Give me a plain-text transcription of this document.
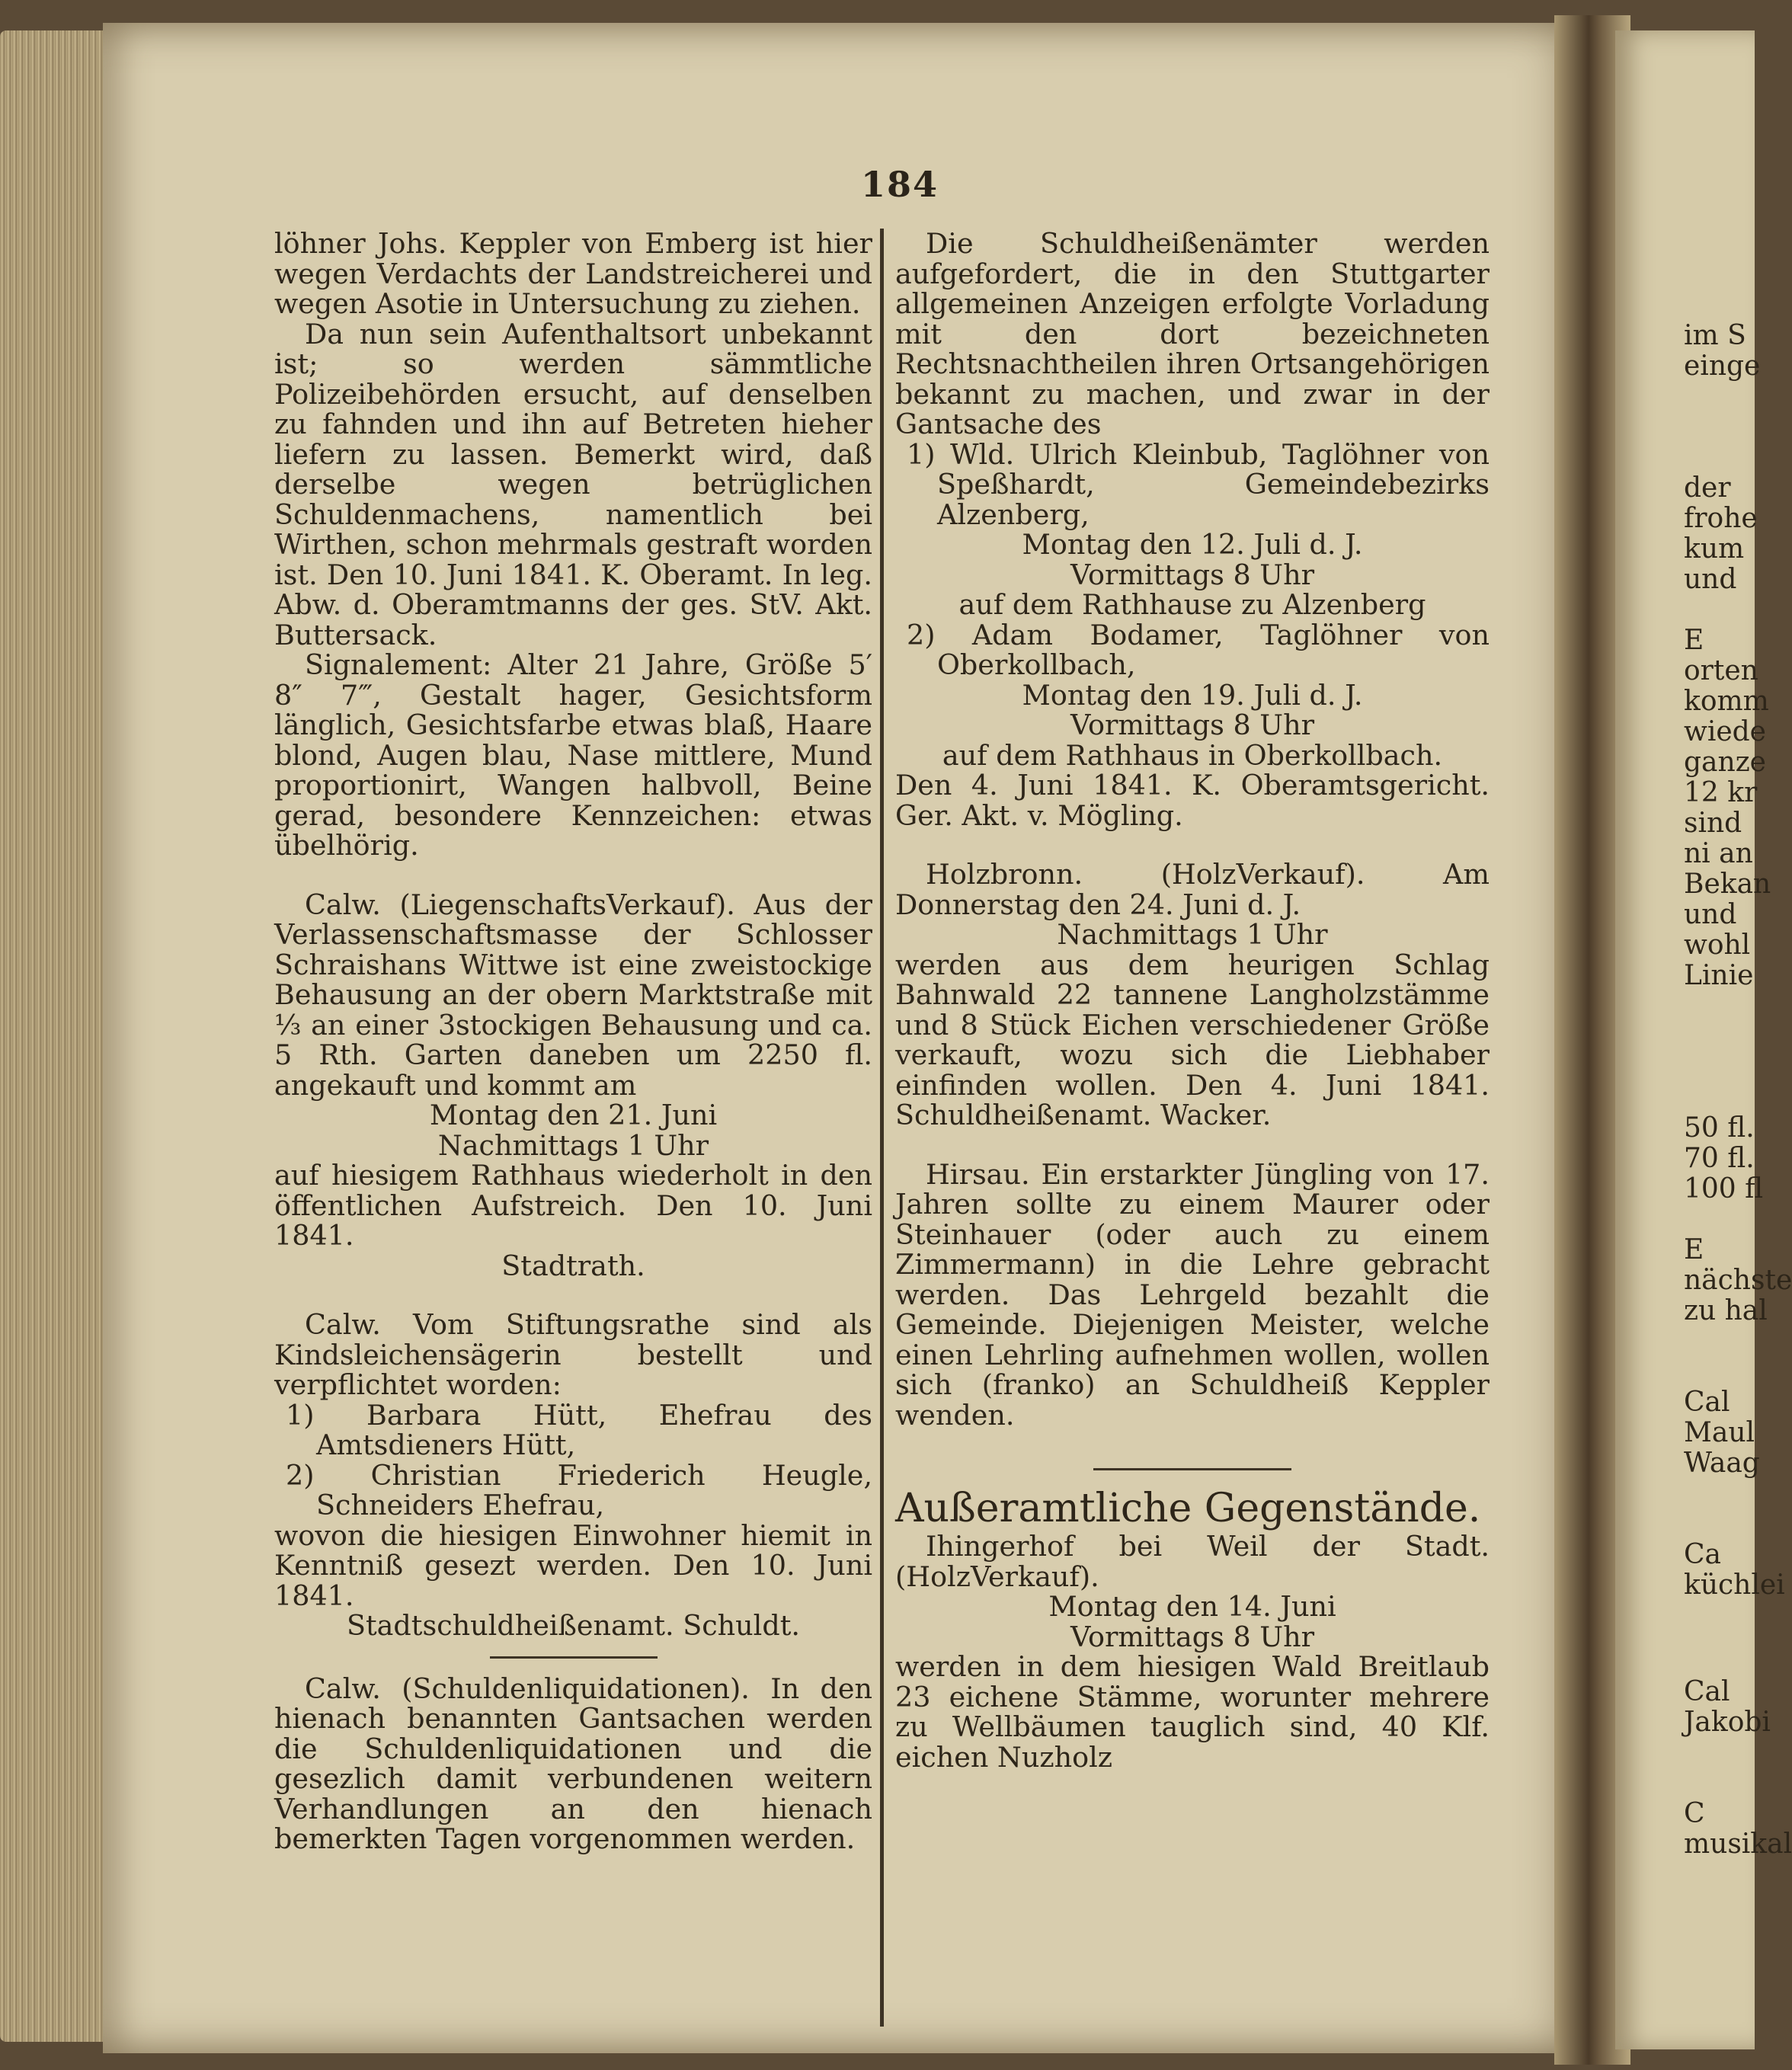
184

löhner Johs. Keppler von Emberg ist hier wegen Verdachts der Landstreicherei und wegen Asotie in Untersuchung zu ziehen.

Da nun sein Aufenthaltsort unbekannt ist; so werden sämmtliche Polizeibehörden ersucht, auf denselben zu fahnden und ihn auf Betreten hieher liefern zu lassen. Bemerkt wird, daß derselbe wegen betrüglichen Schuldenmachens, namentlich bei Wirthen, schon mehrmals gestraft worden ist. Den 10. Juni 1841. K. Oberamt. In leg. Abw. d. Oberamtmanns der ges. StV. Akt. Buttersack.

Signalement: Alter 21 Jahre, Größe 5′ 8″ 7‴, Gestalt hager, Gesichtsform länglich, Gesichtsfarbe etwas blaß, Haare blond, Augen blau, Nase mittlere, Mund proportionirt, Wangen halbvoll, Beine gerad, besondere Kennzeichen: etwas übelhörig.

Calw. (LiegenschaftsVerkauf). Aus der Verlassenschaftsmasse der Schlosser Schraishans Wittwe ist eine zweistockige Behausung an der obern Marktstraße mit ⅓ an einer 3stockigen Behausung und ca. 5 Rth. Garten daneben um 2250 fl. angekauft und kommt am

Montag den 21. Juni

Nachmittags 1 Uhr

auf hiesigem Rathhaus wiederholt in den öffentlichen Aufstreich. Den 10. Juni 1841.

Stadtrath.

Calw. Vom Stiftungsrathe sind als Kindsleichensägerin bestellt und verpflichtet worden:

1) Barbara Hütt, Ehefrau des Amtsdieners Hütt,

2) Christian Friederich Heugle, Schneiders Ehefrau,

wovon die hiesigen Einwohner hiemit in Kenntniß gesezt werden. Den 10. Juni 1841.

Stadtschuldheißenamt. Schuldt.

Calw. (Schuldenliquidationen). In den hienach benannten Gantsachen werden die Schuldenliquidationen und die gesezlich damit verbundenen weitern Verhandlungen an den hienach bemerkten Tagen vorgenommen werden.

Die Schuldheißenämter werden aufgefordert, die in den Stuttgarter allgemeinen Anzeigen erfolgte Vorladung mit den dort bezeichneten Rechtsnachtheilen ihren Ortsangehörigen bekannt zu machen, und zwar in der Gantsache des

1) Wld. Ulrich Kleinbub, Taglöhner von Speßhardt, Gemeindebezirks Alzenberg,

Montag den 12. Juli d. J.

Vormittags 8 Uhr

auf dem Rathhause zu Alzenberg

2) Adam Bodamer, Taglöhner von Oberkollbach,

Montag den 19. Juli d. J.

Vormittags 8 Uhr

auf dem Rathhaus in Oberkollbach.

Den 4. Juni 1841. K. Oberamtsgericht. Ger. Akt. v. Mögling.

Holzbronn. (HolzVerkauf). Am Donnerstag den 24. Juni d. J.

Nachmittags 1 Uhr

werden aus dem heurigen Schlag Bahnwald 22 tannene Langholzstämme und 8 Stück Eichen verschiedener Größe verkauft, wozu sich die Liebhaber einfinden wollen. Den 4. Juni 1841. Schuldheißenamt. Wacker.

Hirsau. Ein erstarkter Jüngling von 17. Jahren sollte zu einem Maurer oder Steinhauer (oder auch zu einem Zimmermann) in die Lehre gebracht werden. Das Lehrgeld bezahlt die Gemeinde. Diejenigen Meister, welche einen Lehrling aufnehmen wollen, wollen sich (franko) an Schuldheiß Keppler wenden.

Außeramtliche Gegenstände.

Ihingerhof bei Weil der Stadt. (HolzVerkauf).

Montag den 14. Juni

Vormittags 8 Uhr

werden in dem hiesigen Wald Breitlaub 23 eichene Stämme, worunter mehrere zu Wellbäumen tauglich sind, 40 Klf. eichen Nuzholz

im S
einge
der
frohe
kum
und
E
orten
komm
wiede
ganze
12 kr
sind
ni an
Bekan
und
wohl
Linie
50 fl.
70 fl.
100 fl
E
nächste
zu hal
Cal
Maul
Waag
Ca
küchlei
Cal
Jakobi
C
musikal
